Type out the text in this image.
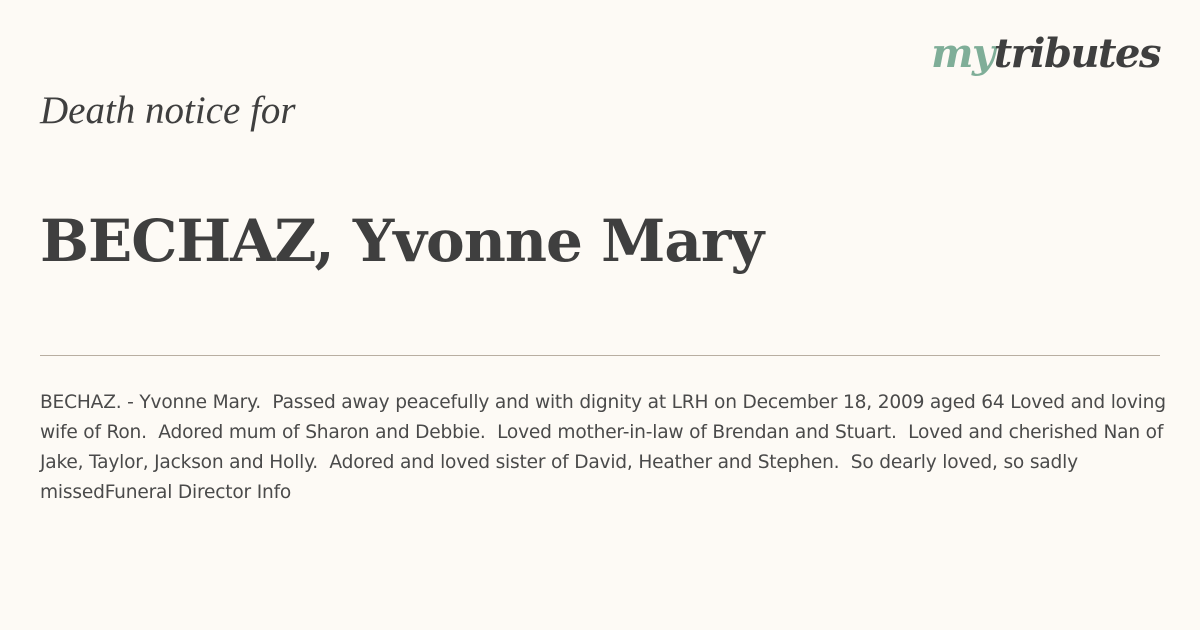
mytributes
Death notice for
BECHAZ, Yvonne Mary
BECHAZ. - Yvonne Mary.  Passed away peacefully and with dignity at LRH on December 18, 2009 aged 64 Loved and loving wife of Ron.  Adored mum of Sharon and Debbie.  Loved mother-in-law of Brendan and Stuart.  Loved and cherished Nan of Jake, Taylor, Jackson and Holly.  Adored and loved sister of David, Heather and Stephen.  So dearly loved, so sadly missedFuneral Director Info
